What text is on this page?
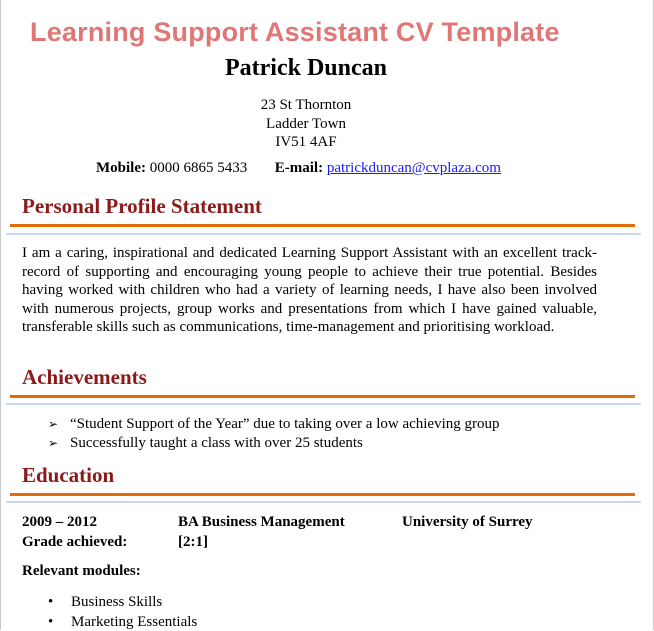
Learning Support Assistant CV Template
Patrick Duncan
23 St Thornton
Ladder Town
IV51 4AF
Mobile: 0000 6865 5433 E-mail: patrickduncan@cvplaza.com
Personal Profile Statement
I am a caring, inspirational and dedicated Learning Support Assistant with an excellent track-record of supporting and encouraging young people to achieve their true potential. Besides having worked with children who had a variety of learning needs, I have also been involved with numerous projects, group works and presentations from which I have gained valuable, transferable skills such as communications, time-management and prioritising workload.
Achievements
➢ “Student Support of the Year” due to taking over a low achieving group
➢ Successfully taught a class with over 25 students
Education
2009 – 2012	BA Business Management	University of Surrey
Grade achieved:	[2:1]
Relevant modules:
• Business Skills
• Marketing Essentials
